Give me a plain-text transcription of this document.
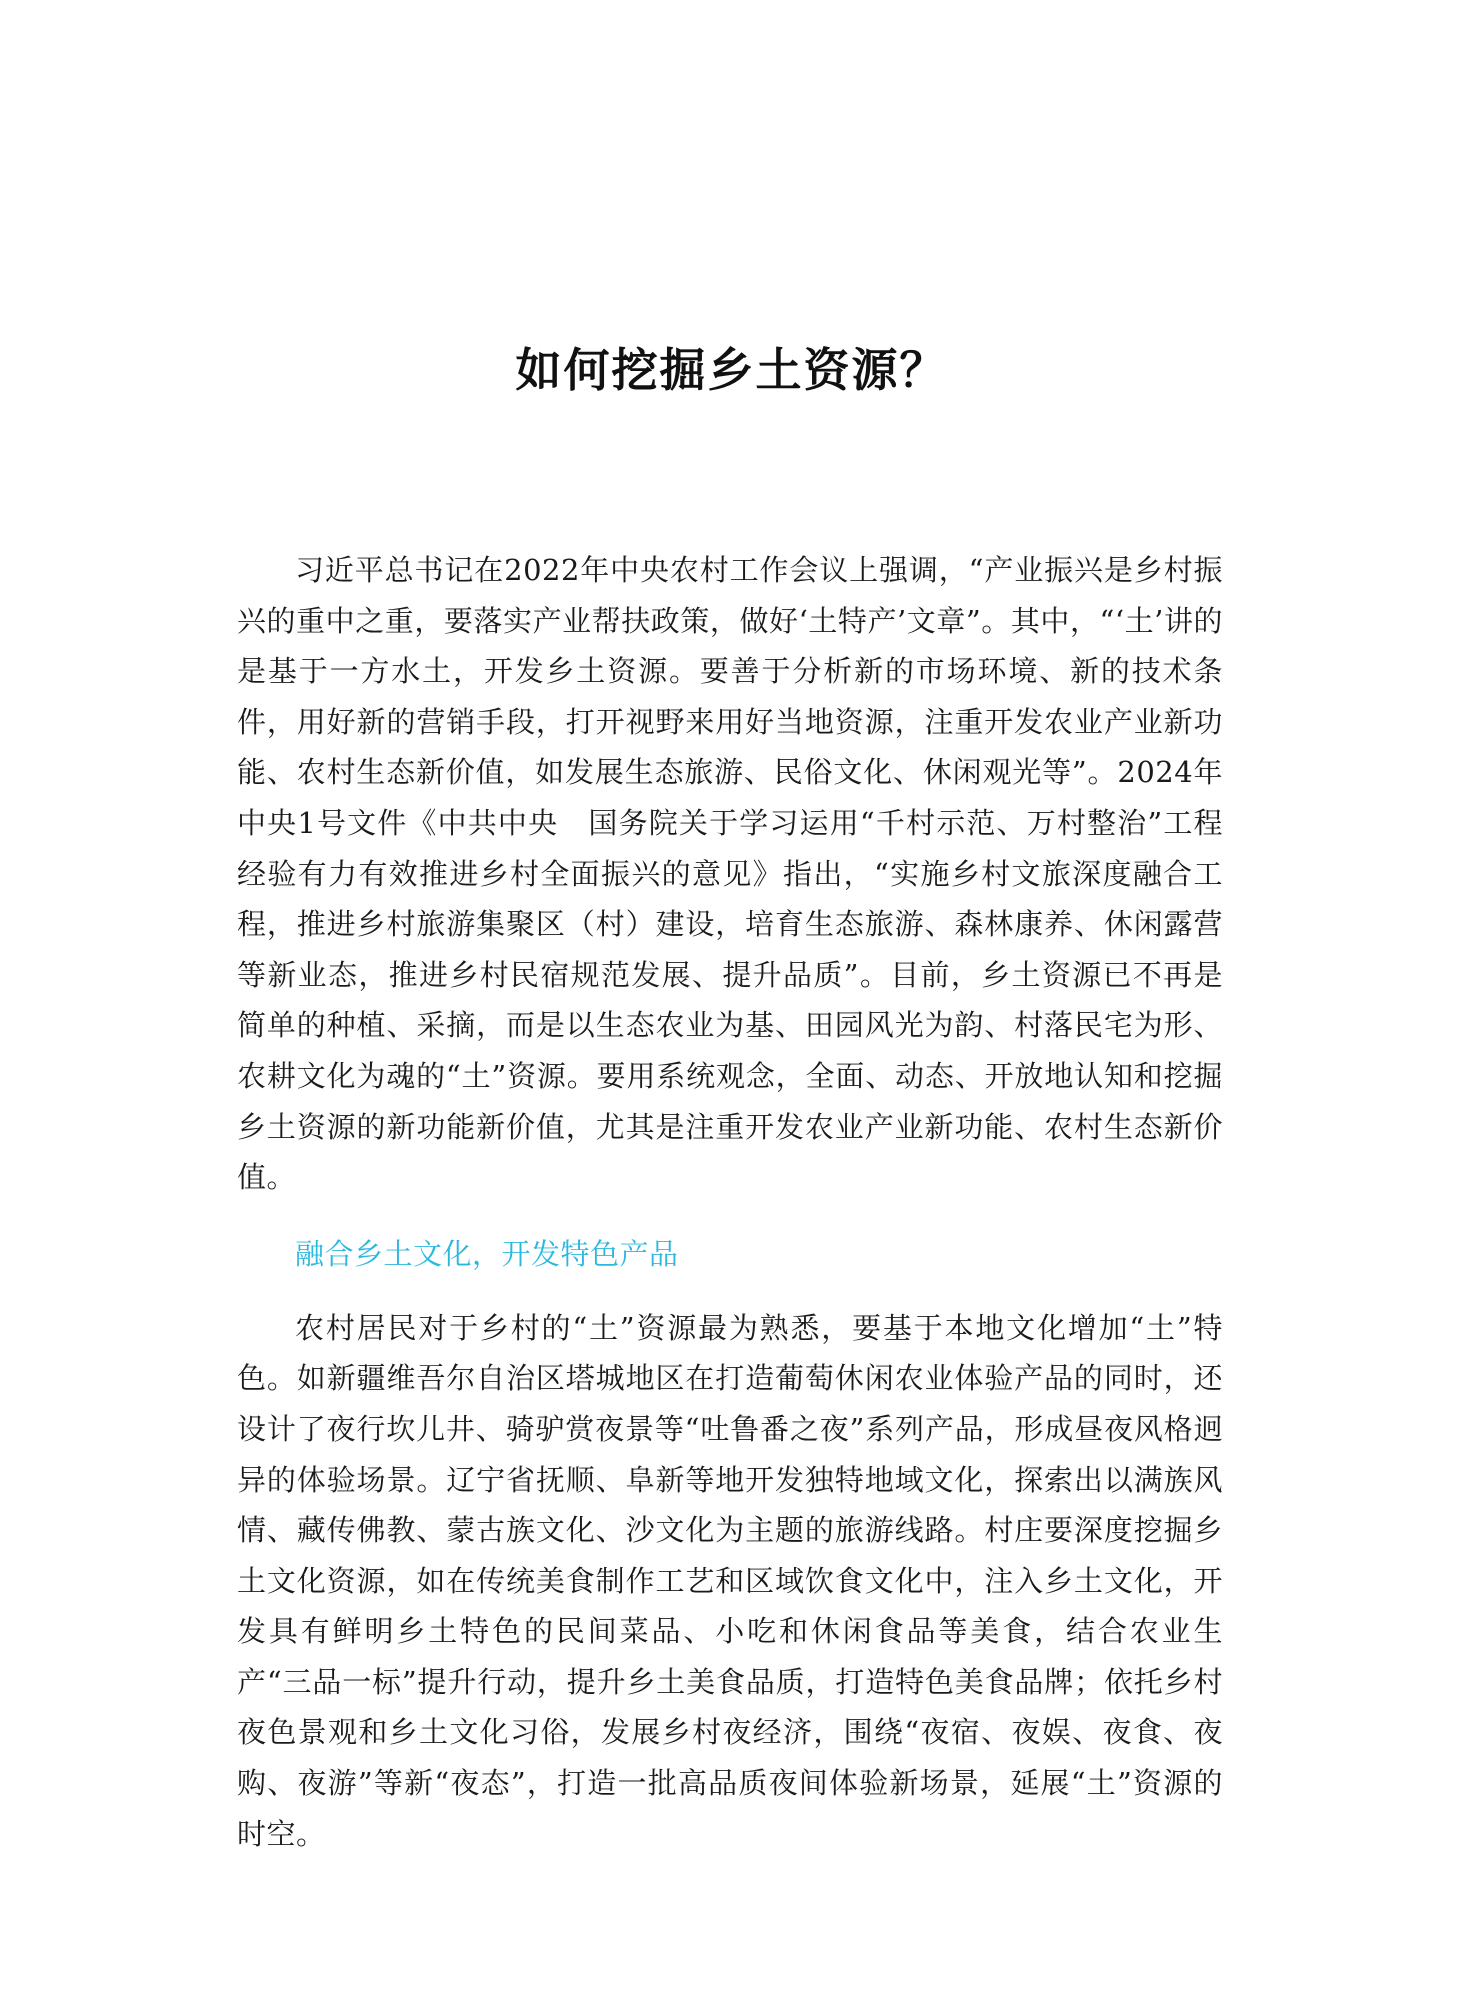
如何挖掘乡土资源？

习近平总书记在2022年中央农村工作会议上强调，“产业振兴是乡村振兴的重中之重，要落实产业帮扶政策，做好‘土特产’文章”。其中，“‘土’讲的是基于一方水土，开发乡土资源。要善于分析新的市场环境、新的技术条件，用好新的营销手段，打开视野来用好当地资源，注重开发农业产业新功能、农村生态新价值，如发展生态旅游、民俗文化、休闲观光等”。2024年中央1号文件《中共中央　国务院关于学习运用“千村示范、万村整治”工程经验有力有效推进乡村全面振兴的意见》指出，“实施乡村文旅深度融合工程，推进乡村旅游集聚区（村）建设，培育生态旅游、森林康养、休闲露营等新业态，推进乡村民宿规范发展、提升品质”。目前，乡土资源已不再是简单的种植、采摘，而是以生态农业为基、田园风光为韵、村落民宅为形、农耕文化为魂的“土”资源。要用系统观念，全面、动态、开放地认知和挖掘乡土资源的新功能新价值，尤其是注重开发农业产业新功能、农村生态新价值。

融合乡土文化，开发特色产品

农村居民对于乡村的“土”资源最为熟悉，要基于本地文化增加“土”特色。如新疆维吾尔自治区塔城地区在打造葡萄休闲农业体验产品的同时，还设计了夜行坎儿井、骑驴赏夜景等“吐鲁番之夜”系列产品，形成昼夜风格迥异的体验场景。辽宁省抚顺、阜新等地开发独特地域文化，探索出以满族风情、藏传佛教、蒙古族文化、沙文化为主题的旅游线路。村庄要深度挖掘乡土文化资源，如在传统美食制作工艺和区域饮食文化中，注入乡土文化，开发具有鲜明乡土特色的民间菜品、小吃和休闲食品等美食，结合农业生产“三品一标”提升行动，提升乡土美食品质，打造特色美食品牌；依托乡村夜色景观和乡土文化习俗，发展乡村夜经济，围绕“夜宿、夜娱、夜食、夜购、夜游”等新“夜态”，打造一批高品质夜间体验新场景，延展“土”资源的时空。
